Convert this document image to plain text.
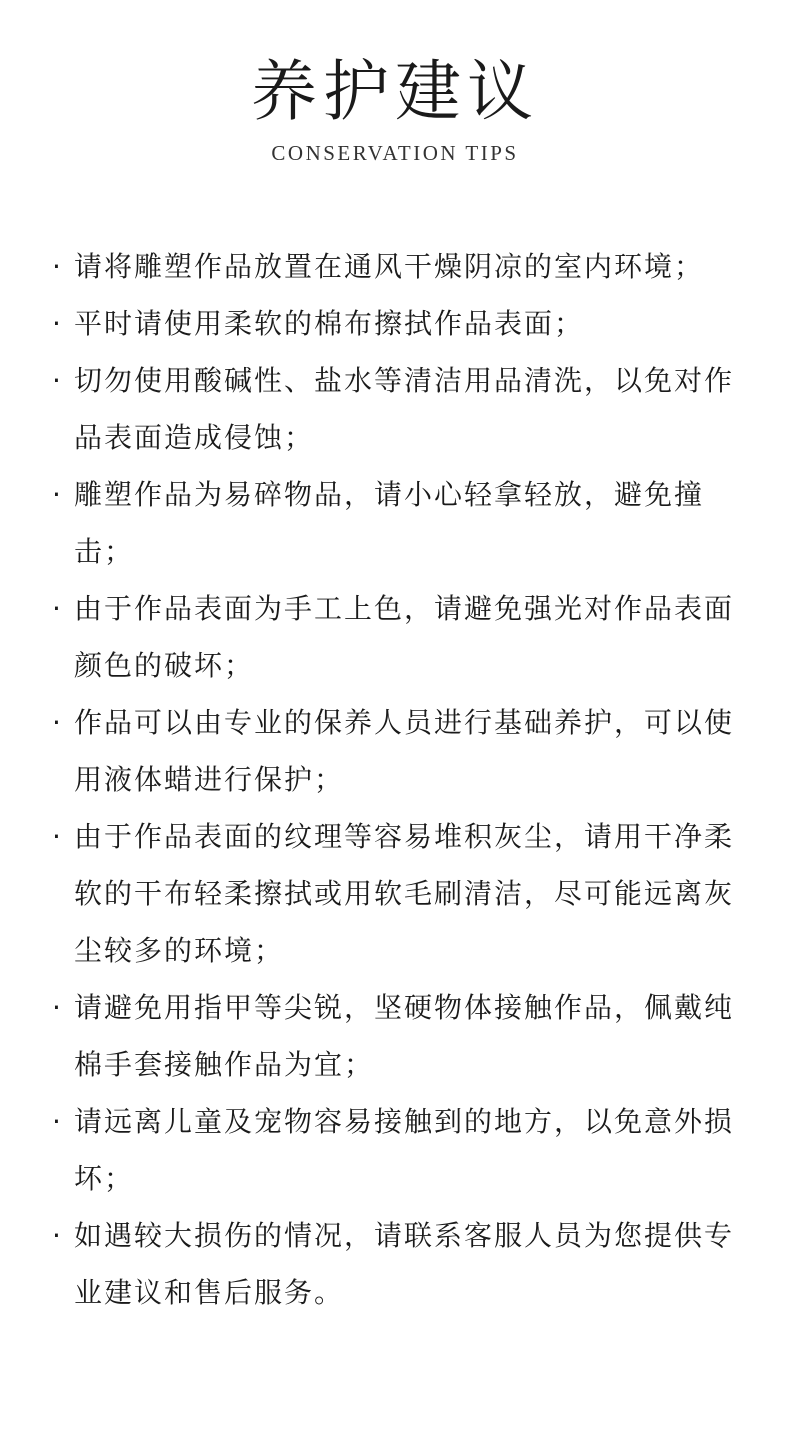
养护建议
CONSERVATION TIPS
· 请将雕塑作品放置在通风干燥阴凉的室内环境；
· 平时请使用柔软的棉布擦拭作品表面；
· 切勿使用酸碱性、盐水等清洁用品清洗，以免对作品表面造成侵蚀；
· 雕塑作品为易碎物品，请小心轻拿轻放，避免撞击；
· 由于作品表面为手工上色，请避免强光对作品表面颜色的破坏；
· 作品可以由专业的保养人员进行基础养护，可以使用液体蜡进行保护；
· 由于作品表面的纹理等容易堆积灰尘，请用干净柔软的干布轻柔擦拭或用软毛刷清洁，尽可能远离灰尘较多的环境；
· 请避免用指甲等尖锐，坚硬物体接触作品，佩戴纯棉手套接触作品为宜；
· 请远离儿童及宠物容易接触到的地方，以免意外损坏；
· 如遇较大损伤的情况，请联系客服人员为您提供专业建议和售后服务。
